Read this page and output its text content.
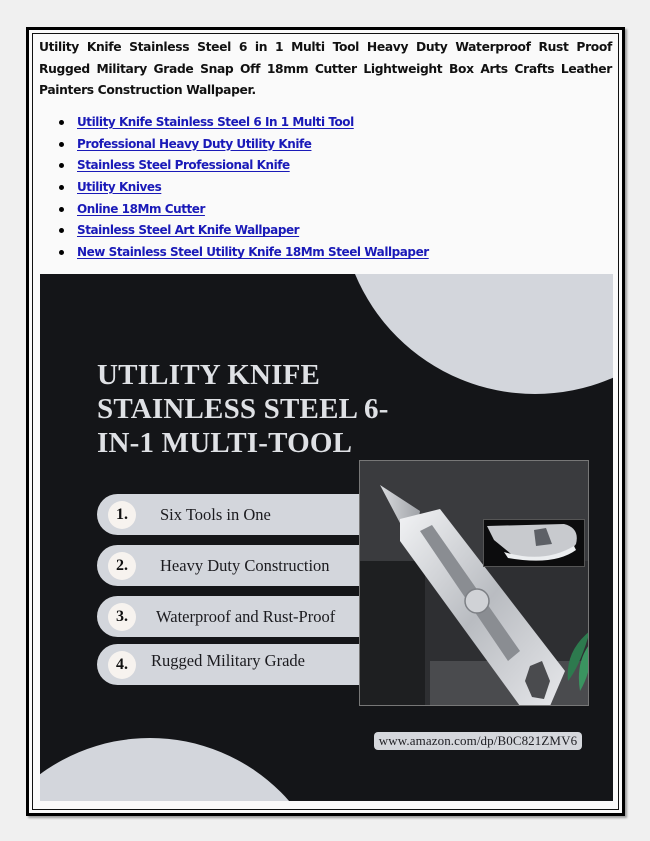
Utility Knife Stainless Steel 6 in 1 Multi Tool Heavy Duty Waterproof Rust Proof Rugged Military Grade Snap Off 18mm Cutter Lightweight Box Arts Crafts Leather Painters Construction Wallpaper.

Utility Knife Stainless Steel 6 In 1 Multi Tool
Professional Heavy Duty Utility Knife
Stainless Steel Professional Knife
Utility Knives
Online 18Mm Cutter
Stainless Steel Art Knife Wallpaper
New Stainless Steel Utility Knife 18Mm Steel Wallpaper
UTILITY KNIFE
STAINLESS STEEL 6-
IN-1 MULTI-TOOL
1.	Six Tools in One
2.	Heavy Duty Construction
3.	Waterproof and Rust-Proof
4.	Rugged Military Grade
www.amazon.com/dp/B0C821ZMV6
